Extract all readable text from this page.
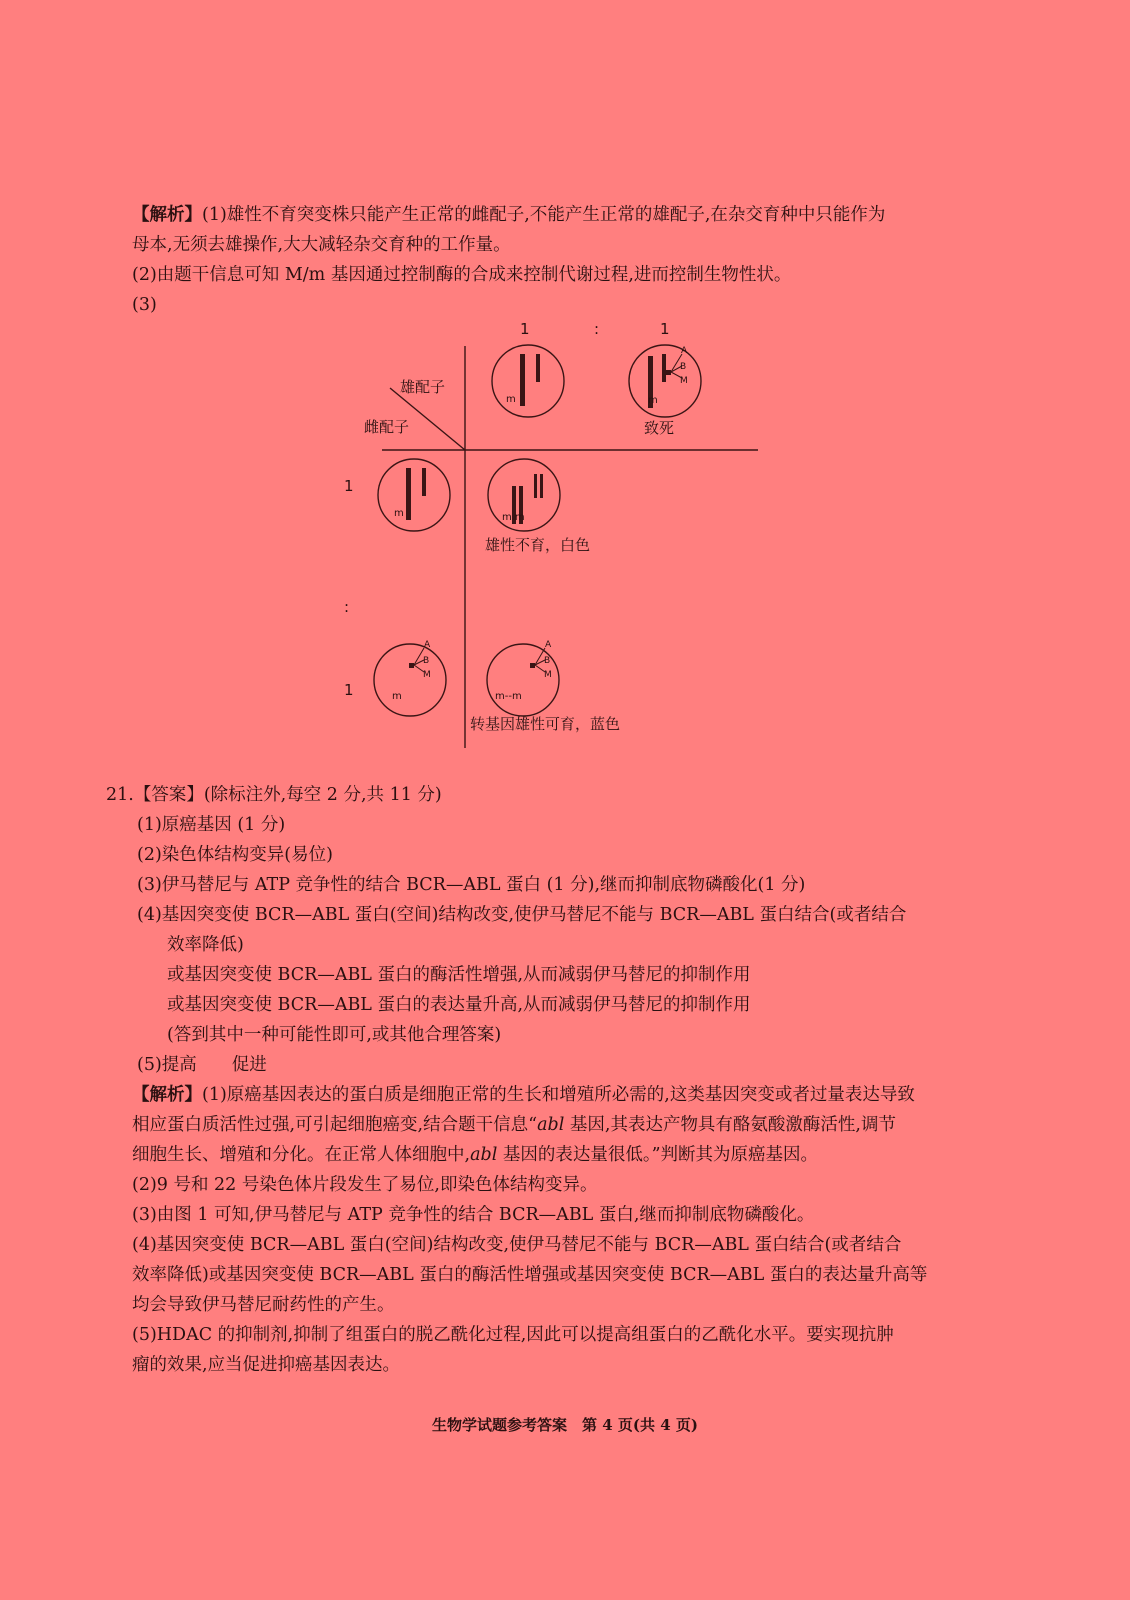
【解析】(1)雄性不育突变株只能产生正常的雌配子,不能产生正常的雄配子,在杂交育种中只能作为
母本,无须去雄操作,大大减轻杂交育种的工作量。
(2)由题干信息可知 M/m 基因通过控制酶的合成来控制代谢过程,进而控制生物性状。
(3)
1	:	1
1
:
1
雄配子
雌配子	致死
雄性不育，白色
转基因雄性可育，蓝色
m	m
m	m m
m	m--m
A
B
M
A
B
M
A
B
M
21.【答案】(除标注外,每空 2 分,共 11 分)
(1)原癌基因 (1 分)
(2)染色体结构变异(易位)
(3)伊马替尼与 ATP 竞争性的结合 BCR—ABL 蛋白 (1 分),继而抑制底物磷酸化(1 分)
(4)基因突变使 BCR—ABL 蛋白(空间)结构改变,使伊马替尼不能与 BCR—ABL 蛋白结合(或者结合
效率降低)
或基因突变使 BCR—ABL 蛋白的酶活性增强,从而减弱伊马替尼的抑制作用
或基因突变使 BCR—ABL 蛋白的表达量升高,从而减弱伊马替尼的抑制作用
(答到其中一种可能性即可,或其他合理答案)
(5)提高　　促进
【解析】(1)原癌基因表达的蛋白质是细胞正常的生长和增殖所必需的,这类基因突变或者过量表达导致
相应蛋白质活性过强,可引起细胞癌变,结合题干信息“abl 基因,其表达产物具有酪氨酸激酶活性,调节
细胞生长、增殖和分化。在正常人体细胞中,abl 基因的表达量很低。”判断其为原癌基因。
(2)9 号和 22 号染色体片段发生了易位,即染色体结构变异。
(3)由图 1 可知,伊马替尼与 ATP 竞争性的结合 BCR—ABL 蛋白,继而抑制底物磷酸化。
(4)基因突变使 BCR—ABL 蛋白(空间)结构改变,使伊马替尼不能与 BCR—ABL 蛋白结合(或者结合
效率降低)或基因突变使 BCR—ABL 蛋白的酶活性增强或基因突变使 BCR—ABL 蛋白的表达量升高等
均会导致伊马替尼耐药性的产生。
(5)HDAC 的抑制剂,抑制了组蛋白的脱乙酰化过程,因此可以提高组蛋白的乙酰化水平。要实现抗肿
瘤的效果,应当促进抑癌基因表达。
生物学试题参考答案　第 4 页(共 4 页)
